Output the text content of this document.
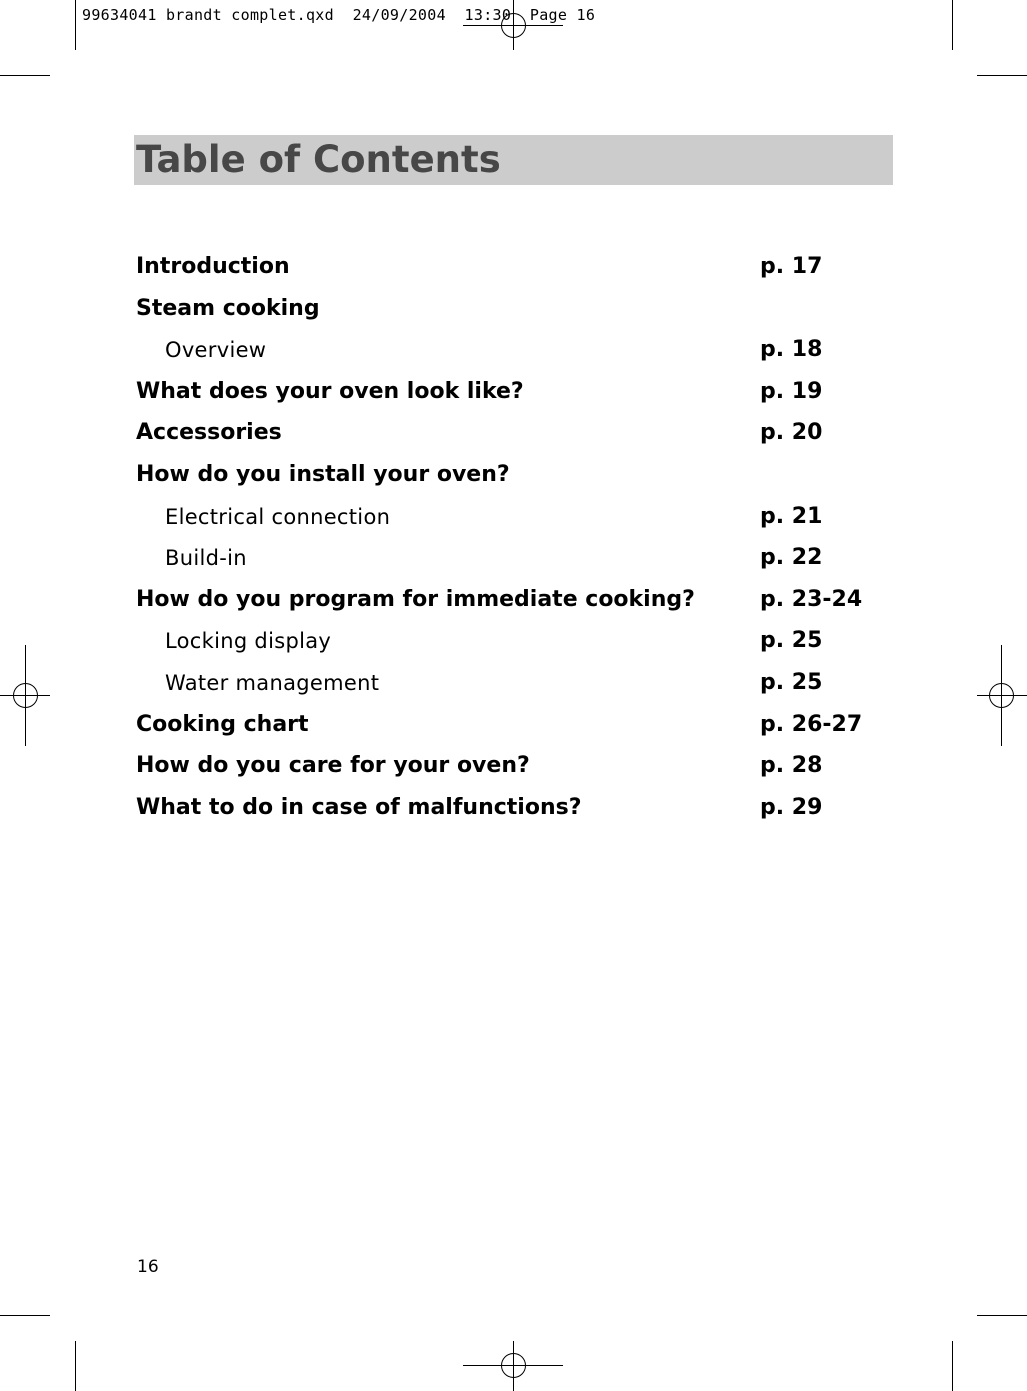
99634041 brandt complet.qxd  24/09/2004  13:30  Page 16
Table of Contents
Introduction	p. 17
Steam cooking
Overview	p. 18
What does your oven look like?	p. 19
Accessories	p. 20
How do you install your oven?
Electrical connection	p. 21
Build-in	p. 22
How do you program for immediate cooking?	p. 23-24
Locking display	p. 25
Water management	p. 25
Cooking chart	p. 26-27
How do you care for your oven?	p. 28
What to do in case of malfunctions?	p. 29
16
